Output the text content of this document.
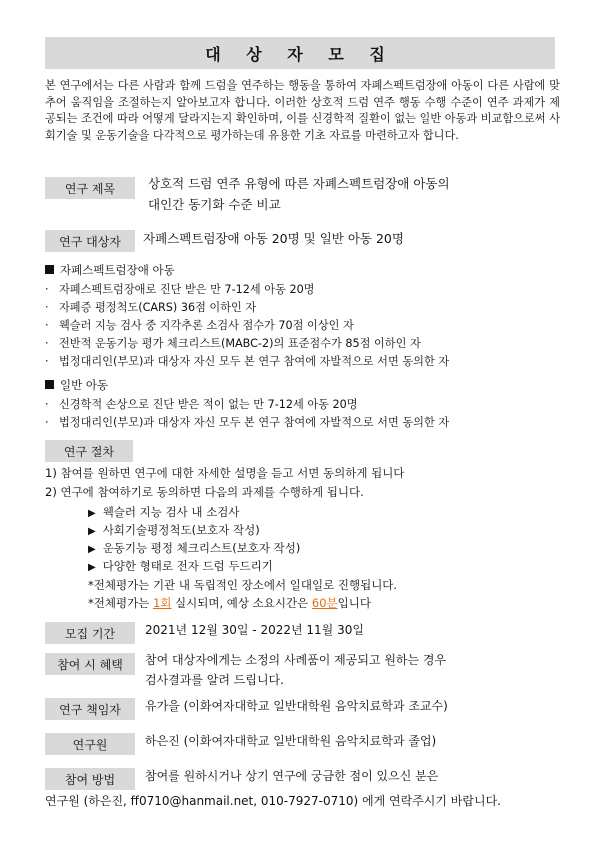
대 상 자 모 집
본 연구에서는 다른 사람과 함께 드럼을 연주하는 행동을 통하여 자폐스펙트럼장애 아동이 다른 사람에 맞추어 움직임을 조절하는지 알아보고자 합니다. 이러한 상호적 드럼 연주 행동 수행 수준이 연주 과제가 제공되는 조건에 따라 어떻게 달라지는지 확인하며, 이를 신경학적 질환이 없는 일반 아동과 비교함으로써 사회기술 및 운동기술을 다각적으로 평가하는데 유용한 기초 자료를 마련하고자 합니다.
연구 제목	상호적 드럼 연주 유형에 따른 자폐스펙트럼장애 아동의
대인간 동기화 수준 비교
연구 대상자	자폐스펙트럼장애 아동 20명 및 일반 아동 20명
자폐스펙트럼장애 아동
· 자폐스펙트럼장애로 진단 받은 만 7-12세 아동 20명
· 자폐증 평정척도(CARS) 36점 이하인 자
· 웩슬러 지능 검사 중 지각추론 소검사 점수가 70점 이상인 자
· 전반적 운동기능 평가 체크리스트(MABC-2)의 표준점수가 85점 이하인 자
· 법정대리인(부모)과 대상자 자신 모두 본 연구 참여에 자발적으로 서면 동의한 자
일반 아동
· 신경학적 손상으로 진단 받은 적이 없는 만 7-12세 아동 20명
· 법정대리인(부모)과 대상자 자신 모두 본 연구 참여에 자발적으로 서면 동의한 자
연구 절차
1) 참여를 원하면 연구에 대한 자세한 설명을 듣고 서면 동의하게 됩니다
2) 연구에 참여하기로 동의하면 다음의 과제를 수행하게 됩니다.
▶ 웩슬러 지능 검사 내 소검사
▶ 사회기술평정척도(보호자 작성)
▶ 운동기능 평정 체크리스트(보호자 작성)
▶ 다양한 형태로 전자 드럼 두드리기
*전체평가는 기관 내 독립적인 장소에서 일대일로 진행됩니다.
*전체평가는 1회 실시되며, 예상 소요시간은 60분입니다
모집 기간	2021년 12월 30일 - 2022년 11월 30일
참여 시 혜택	참여 대상자에게는 소정의 사례품이 제공되고 원하는 경우
검사결과를 알려 드립니다.
연구 책임자	유가을 (이화여자대학교 일반대학원 음악치료학과 조교수)
연구원	하은진 (이화여자대학교 일반대학원 음악치료학과 졸업)
참여 방법	참여를 원하시거나 상기 연구에 궁금한 점이 있으신 분은
연구원 (하은진, ff0710@hanmail.net, 010-7927-0710) 에게 연락주시기 바랍니다.
